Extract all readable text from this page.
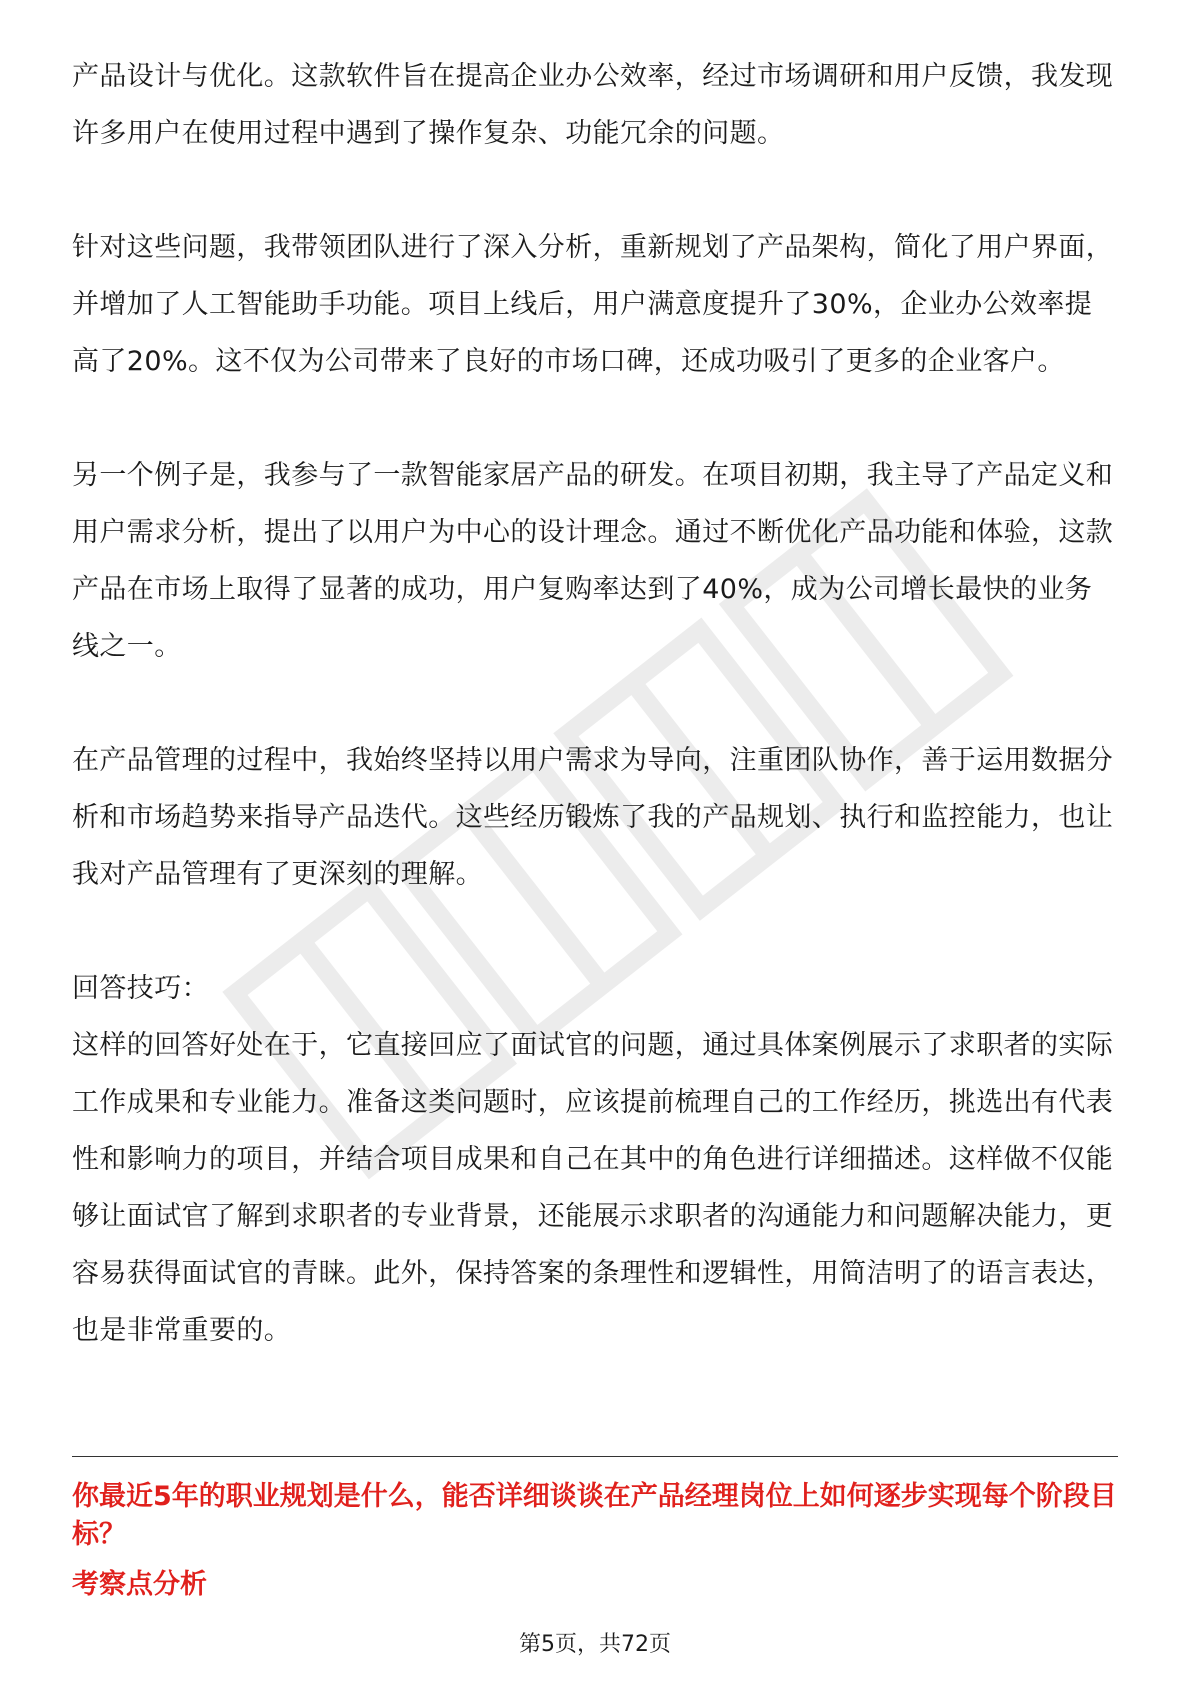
产品设计与优化。这款软件旨在提高企业办公效率，经过市场调研和用户反馈，我发现许多用户在使用过程中遇到了操作复杂、功能冗余的问题。

针对这些问题，我带领团队进行了深入分析，重新规划了产品架构，简化了用户界面，并增加了人工智能助手功能。项目上线后，用户满意度提升了30%，企业办公效率提高了20%。这不仅为公司带来了良好的市场口碑，还成功吸引了更多的企业客户。

另一个例子是，我参与了一款智能家居产品的研发。在项目初期，我主导了产品定义和用户需求分析，提出了以用户为中心的设计理念。通过不断优化产品功能和体验，这款产品在市场上取得了显著的成功，用户复购率达到了40%，成为公司增长最快的业务线之一。

在产品管理的过程中，我始终坚持以用户需求为导向，注重团队协作，善于运用数据分析和市场趋势来指导产品迭代。这些经历锻炼了我的产品规划、执行和监控能力，也让我对产品管理有了更深刻的理解。

回答技巧：

这样的回答好处在于，它直接回应了面试官的问题，通过具体案例展示了求职者的实际工作成果和专业能力。准备这类问题时，应该提前梳理自己的工作经历，挑选出有代表性和影响力的项目，并结合项目成果和自己在其中的角色进行详细描述。这样做不仅能够让面试官了解到求职者的专业背景，还能展示求职者的沟通能力和问题解决能力，更容易获得面试官的青睐。此外，保持答案的条理性和逻辑性，用简洁明了的语言表达，也是非常重要的。

你最近5年的职业规划是什么，能否详细谈谈在产品经理岗位上如何逐步实现每个阶段目标？

考察点分析

第5页，共72页
